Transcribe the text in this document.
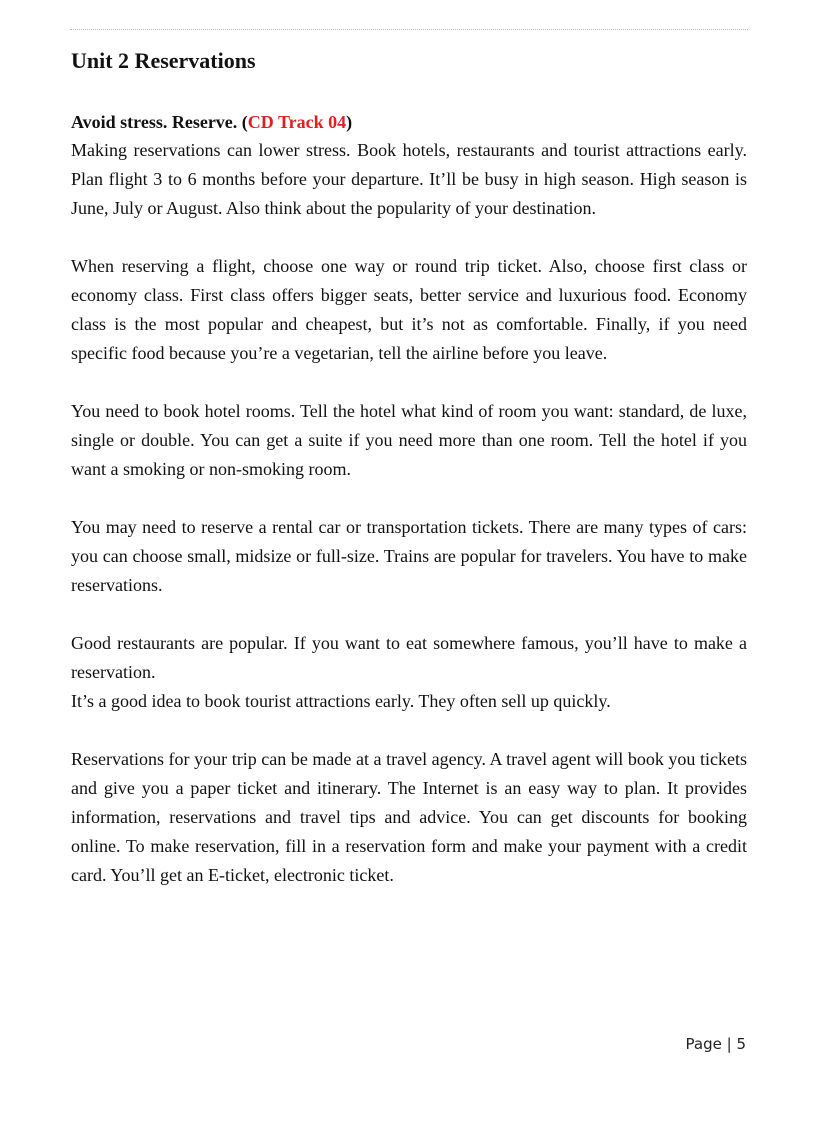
Unit 2 Reservations
Avoid stress. Reserve. (CD Track 04)

Making reservations can lower stress. Book hotels, restaurants and tourist attractions early. Plan flight 3 to 6 months before your departure. It’ll be busy in high season. High season is June, July or August. Also think about the popularity of your destination.

When reserving a flight, choose one way or round trip ticket. Also, choose first class or economy class. First class offers bigger seats, better service and luxurious food. Economy class is the most popular and cheapest, but it’s not as comfortable. Finally, if you need specific food because you’re a vegetarian, tell the airline before you leave.

You need to book hotel rooms. Tell the hotel what kind of room you want: standard, de luxe, single or double. You can get a suite if you need more than one room. Tell the hotel if you want a smoking or non-smoking room.

You may need to reserve a rental car or transportation tickets. There are many types of cars: you can choose small, midsize or full-size. Trains are popular for travelers. You have to make reservations.

Good restaurants are popular. If you want to eat somewhere famous, you’ll have to make a reservation.

It’s a good idea to book tourist attractions early. They often sell up quickly.

Reservations for your trip can be made at a travel agency. A travel agent will book you tickets and give you a paper ticket and itinerary. The Internet is an easy way to plan. It provides information, reservations and travel tips and advice. You can get discounts for booking online. To make reservation, fill in a reservation form and make your payment with a credit card. You’ll get an E-ticket, electronic ticket.

Page | 5
